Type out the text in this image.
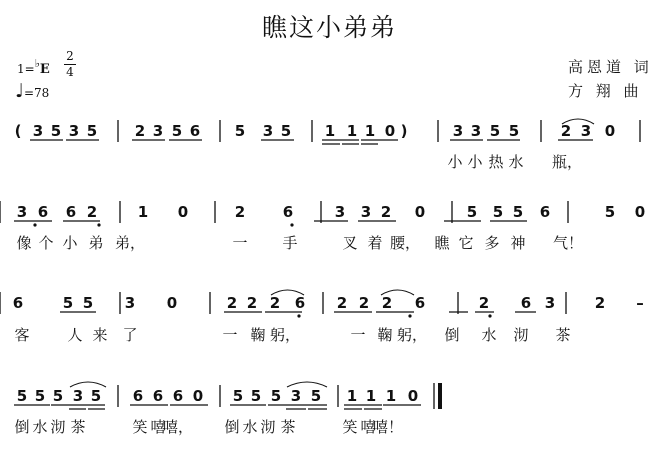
瞧这小弟弟
高恩道 词
方 翔 曲
1=♭E $\frac{2}{4}$
♩=78
( 3 5 3 5	2 3 5 6 5 3 5 1 1 1 0 )	3 3 5 5	2 3 0
小 小 热 水 瓶，
3 6 6 2	1 0	2	6	3 3 2 0	5 5 5 6	5 0
像 个 小 弟 弟，	一 手	叉 着 腰， 瞧 它 多 神 气！
6	5 5 3 0	2 2 2 6 2 2 2 6	2 6 3	2 –
客	人 来 了	一 鞠 躬，	一 鞠 躬， 倒 水 沏 茶
5 5 5 3 5 6 6 6 0 5 5 5 3 5 1 1 1 0
倒 水 沏 茶	笑 嘻
嘻， 倒 水 沏 茶	笑 嘻
嘻！
